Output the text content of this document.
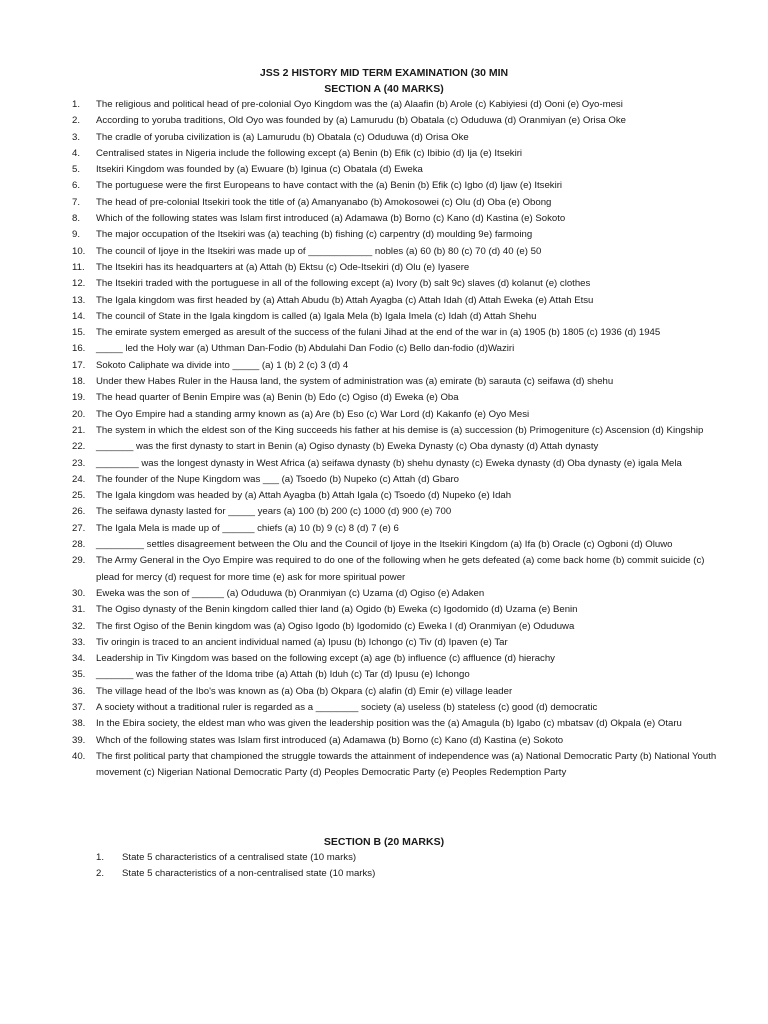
JSS 2 HISTORY MID TERM EXAMINATION (30 MIN
SECTION A (40 MARKS)
1.	The religious and political head of pre-colonial Oyo Kingdom was the (a) Alaafin (b) Arole (c) Kabiyiesi (d) Ooni (e) Oyo-mesi
2.	According to yoruba traditions, Old Oyo was founded by (a) Lamurudu (b) Obatala (c) Oduduwa (d) Oranmiyan (e) Orisa Oke
3.	The cradle of yoruba civilization is (a) Lamurudu (b) Obatala (c) Oduduwa (d) Orisa Oke
4.	Centralised states in Nigeria include the following except (a) Benin (b) Efik (c) Ibibio (d) Ija (e) Itsekiri
5.	Itsekiri Kingdom was founded by (a) Ewuare (b) Iginua (c) Obatala (d) Eweka
6.	The portuguese were the first Europeans to have contact with the (a) Benin (b) Efik (c) Igbo (d) Ijaw (e) Itsekiri
7.	The head of pre-colonial Itsekiri took the title of (a) Amanyanabo (b) Amokosowei (c) Olu (d) Oba (e) Obong
8.	Which of the following states was Islam first introduced (a) Adamawa (b) Borno (c) Kano (d) Kastina (e) Sokoto
9.	The major occupation of the Itsekiri was (a) teaching (b) fishing (c) carpentry (d) moulding 9e) farmoing
10.	The council of Ijoye in the Itsekiri was made up of ____________ nobles (a) 60 (b) 80 (c) 70 (d) 40 (e) 50
11.	The Itsekiri has its headquarters at (a) Attah (b) Ektsu (c) Ode-Itsekiri (d) Olu (e) Iyasere
12.	The Itsekiri traded with the portuguese in all of the following except (a) Ivory (b) salt 9c) slaves (d) kolanut (e) clothes
13.	The Igala kingdom was first headed by (a) Attah Abudu (b) Attah Ayagba (c) Attah Idah (d) Attah Eweka (e) Attah Etsu
14.	The council of State in the Igala kingdom is called (a) Igala Mela (b) Igala Imela (c) Idah (d) Attah Shehu
15.	The emirate system emerged as aresult of the success of the fulani Jihad at the end of the war in (a) 1905 (b) 1805 (c) 1936 (d) 1945
16.	_____ led the Holy war (a) Uthman Dan-Fodio (b) Abdulahi Dan Fodio (c) Bello dan-fodio (d)Waziri
17.	Sokoto Caliphate wa divide into _____ (a) 1 (b) 2 (c) 3 (d) 4
18.	Under thew Habes Ruler in the Hausa land, the system of administration was (a) emirate (b) sarauta (c) seifawa (d) shehu
19.	The head quarter of Benin Empire was (a) Benin (b) Edo (c) Ogiso (d) Eweka (e) Oba
20.	The Oyo Empire had a standing army known as (a) Are (b) Eso (c) War Lord (d) Kakanfo (e) Oyo Mesi
21.	The system in which the eldest son of the King succeeds his father at his demise is (a) succession (b) Primogeniture (c) Ascension (d) Kingship
22.	_______ was the first dynasty to start in Benin (a) Ogiso dynasty (b) Eweka Dynasty (c) Oba dynasty (d) Attah dynasty
23.	________ was the longest dynasty in West Africa (a) seifawa dynasty (b) shehu dynasty (c) Eweka dynasty (d) Oba dynasty (e) igala Mela
24.	The founder of the Nupe Kingdom was ___ (a) Tsoedo (b) Nupeko (c) Attah (d) Gbaro
25.	The Igala kingdom was headed by (a) Attah Ayagba (b) Attah Igala (c) Tsoedo (d) Nupeko (e) Idah
26.	The seifawa dynasty lasted for _____ years (a) 100 (b) 200 (c) 1000 (d) 900 (e) 700
27.	The Igala Mela is made up of ______ chiefs (a) 10 (b) 9 (c) 8 (d) 7 (e) 6
28.	_________ settles disagreement between the Olu and the Council of Ijoye in the Itsekiri Kingdom (a) Ifa (b) Oracle (c) Ogboni (d) Oluwo
29.	The Army General in the Oyo Empire was required to do one of the following when he gets defeated (a) come back home (b) commit suicide (c) plead for mercy (d) request for more time (e) ask for more spiritual power
30.	Eweka was the son of ______ (a) Oduduwa (b) Oranmiyan (c) Uzama (d) Ogiso (e) Adaken
31.	The Ogiso dynasty of the Benin kingdom called thier land (a) Ogido (b) Eweka (c) Igodomido (d) Uzama (e) Benin
32.	The first Ogiso of the Benin kingdom was (a) Ogiso Igodo (b) Igodomido (c) Eweka I (d) Oranmiyan (e) Oduduwa
33.	Tiv oringin is traced to an ancient individual named (a) Ipusu (b) Ichongo (c) Tiv (d) Ipaven (e) Tar
34.	Leadership in Tiv Kingdom was based on the following except (a) age (b) influence (c) affluence (d) hierachy
35.	_______ was the father of the Idoma tribe (a) Attah (b) Iduh (c) Tar (d) Ipusu (e) Ichongo
36.	The village head of the Ibo's was known as (a) Oba (b) Okpara (c) alafin (d) Emir (e) village leader
37.	A society without a traditional ruler is regarded as a ________ society (a) useless (b) stateless (c) good (d) democratic
38.	In the Ebira society, the eldest man who was given the leadership position was the (a) Amagula (b) Igabo (c) mbatsav (d) Okpala (e) Otaru
39.	Whch of the following states was Islam first introduced (a) Adamawa (b) Borno (c) Kano (d) Kastina (e) Sokoto
40.	The first political party that championed the struggle towards the attainment of independence was (a) National Democratic Party (b) National Youth movement (c) Nigerian National Democratic Party (d) Peoples Democratic Party (e) Peoples Redemption Party
SECTION B (20 MARKS)
1.	State 5 characteristics of a centralised state (10 marks)
2.	State 5 characteristics of a non-centralised state (10 marks)
